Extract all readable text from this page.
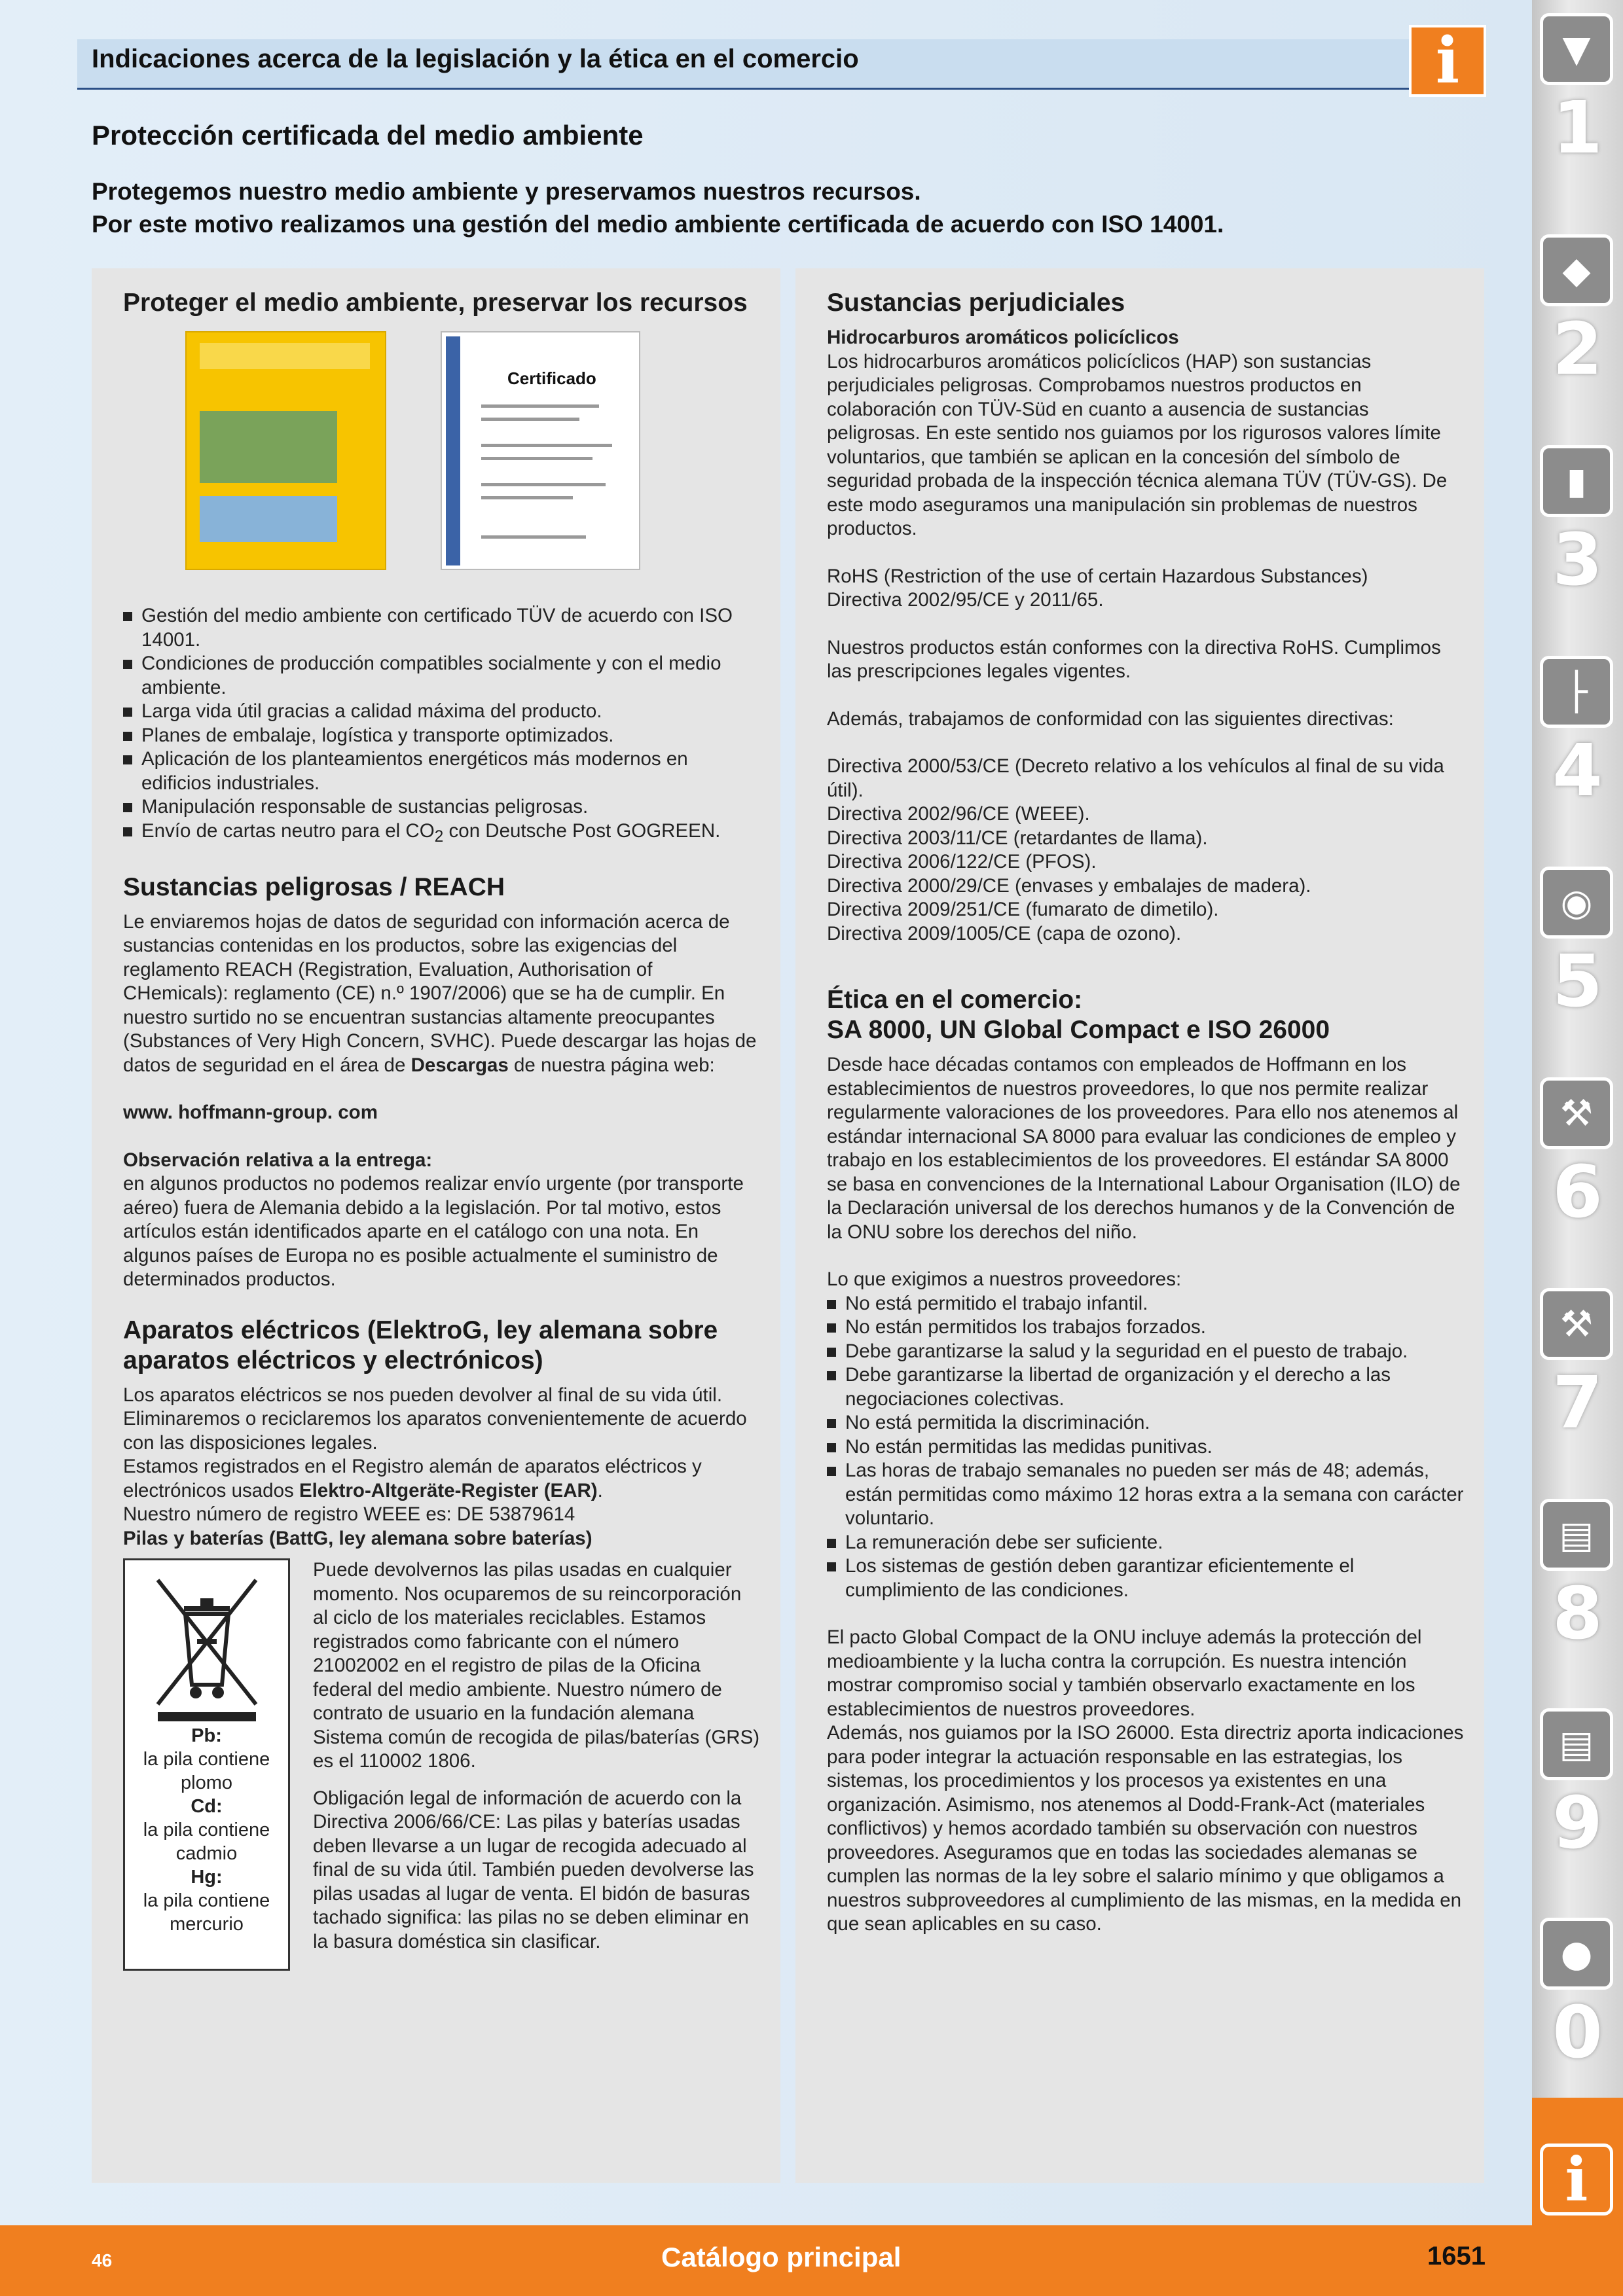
Indicaciones acerca de la legislación y la ética en el comercio	i
Protección certificada del medio ambiente
Protegemos nuestro medio ambiente y preservamos nuestros recursos.
Por este motivo realizamos una gestión del medio ambiente certificada de acuerdo con ISO 14001.
Proteger el medio ambiente, preservar los recursos
Certificado
Gestión del medio ambiente con certificado TÜV de acuerdo con ISO 14001.
Condiciones de producción compatibles socialmente y con el medio ambiente.
Larga vida útil gracias a calidad máxima del producto.
Planes de embalaje, logística y transporte optimizados.
Aplicación de los planteamientos energéticos más modernos en edificios industriales.
Manipulación responsable de sustancias peligrosas.
Envío de cartas neutro para el $CO_2$ con Deutsche Post GOGREEN.
Sustancias peligrosas / REACH

Le enviaremos hojas de datos de seguridad con información acerca de sustancias contenidas en los productos, sobre las exigencias del reglamento REACH (Registration, Evaluation, Authorisation of CHemicals): reglamento (CE) n.º 1907/2006) que se ha de cumplir. En nuestro surtido no se encuentran sustancias altamente preocupantes (Substances of Very High Concern, SVHC). Puede descargar las hojas de datos de seguridad en el área de Descargas de nuestra página web:

www. hoffmann-group. com

Observación relativa a la entrega:

en algunos productos no podemos realizar envío urgente (por transporte aéreo) fuera de Alemania debido a la legislación. Por tal motivo, estos artículos están identificados aparte en el catálogo con una nota. En algunos países de Europa no es posible actualmente el suministro de determinados productos.

Aparatos eléctricos (ElektroG, ley alemana sobre aparatos eléctricos y electrónicos)

Los aparatos eléctricos se nos pueden devolver al final de su vida útil. Eliminaremos o reciclaremos los aparatos convenientemente de acuerdo con las disposiciones legales.

Estamos registrados en el Registro alemán de aparatos eléctricos y electrónicos usados Elektro-Altgeräte-Register (EAR).

Nuestro número de registro WEEE es: DE 53879614

Pilas y baterías (BattG, ley alemana sobre baterías)

Pb:
la pila contiene plomo
Cd:
la pila contiene cadmio
Hg:
la pila contiene mercurio

Puede devolvernos las pilas usadas en cualquier momento. Nos ocuparemos de su reincorporación al ciclo de los materiales reciclables. Estamos registrados como fabricante con el número 21002002 en el registro de pilas de la Oficina federal del medio ambiente. Nuestro número de contrato de usuario en la fundación alemana Sistema común de recogida de pilas/baterías (GRS) es el 110002 1806.

Obligación legal de información de acuerdo con la Directiva 2006/66/CE: Las pilas y baterías usadas deben llevarse a un lugar de recogida adecuado al final de su vida útil. También pueden devolverse las pilas usadas al lugar de venta. El bidón de basuras tachado significa: las pilas no se deben eliminar en la basura doméstica sin clasificar.

Sustancias perjudiciales

Hidrocarburos aromáticos policíclicos

Los hidrocarburos aromáticos policíclicos (HAP) son sustancias perjudiciales peligrosas. Comprobamos nuestros productos en colaboración con TÜV-Süd en cuanto a ausencia de sustancias peligrosas. En este sentido nos guiamos por los rigurosos valores límite voluntarios, que también se aplican en la concesión del símbolo de seguridad probada de la inspección técnica alemana TÜV (TÜV-GS). De este modo aseguramos una manipulación sin problemas de nuestros productos.

RoHS (Restriction of the use of certain Hazardous Substances)

Directiva 2002/95/CE y 2011/65.

Nuestros productos están conformes con la directiva RoHS. Cumplimos las prescripciones legales vigentes.

Además, trabajamos de conformidad con las siguientes directivas:

Directiva 2000/53/CE (Decreto relativo a los vehículos al final de su vida útil).

Directiva 2002/96/CE (WEEE).

Directiva 2003/11/CE (retardantes de llama).

Directiva 2006/122/CE (PFOS).

Directiva 2000/29/CE (envases y embalajes de madera).

Directiva 2009/251/CE (fumarato de dimetilo).

Directiva 2009/1005/CE (capa de ozono).

Ética en el comercio:
SA 8000, UN Global Compact e ISO 26000

Desde hace décadas contamos con empleados de Hoffmann en los establecimientos de nuestros proveedores, lo que nos permite realizar regularmente valoraciones de los proveedores. Para ello nos atenemos al estándar internacional SA 8000 para evaluar las condiciones de empleo y trabajo en los establecimientos de los proveedores. El estándar SA 8000 se basa en convenciones de la International Labour Organisation (ILO) de la Declaración universal de los derechos humanos y de la Convención de la ONU sobre los derechos del niño.

Lo que exigimos a nuestros proveedores:

No está permitido el trabajo infantil.
No están permitidos los trabajos forzados.
Debe garantizarse la salud y la seguridad en el puesto de trabajo.
Debe garantizarse la libertad de organización y el derecho a las negociaciones colectivas.
No está permitida la discriminación.
No están permitidas las medidas punitivas.
Las horas de trabajo semanales no pueden ser más de 48; además, están permitidas como máximo 12 horas extra a la semana con carácter voluntario.
La remuneración debe ser suficiente.
Los sistemas de gestión deben garantizar eficientemente el cumplimiento de las condiciones.

El pacto Global Compact de la ONU incluye además la protección del medioambiente y la lucha contra la corrupción. Es nuestra intención mostrar compromiso social y también observarlo exactamente en los establecimientos de nuestros proveedores.

Además, nos guiamos por la ISO 26000. Esta directriz aporta indicaciones para poder integrar la actuación responsable en las estrategias, los sistemas, los procedimientos y los procesos ya existentes en una organización. Asimismo, nos atenemos al Dodd-Frank-Act (materiales conflictivos) y hemos acordado también su observación con nuestros proveedores. Aseguramos que en todas las sociedades alemanas se cumplen las normas de la ley sobre el salario mínimo y que obligamos a nuestros subproveedores al cumplimiento de las mismas, en la medida en que sean aplicables en su caso.

▼
1
◆
2
▮
3
├
4
◉
5
⚒
6
⚒
7
▤
8
▤
9
●
0
i
46	Catálogo principal	1651
